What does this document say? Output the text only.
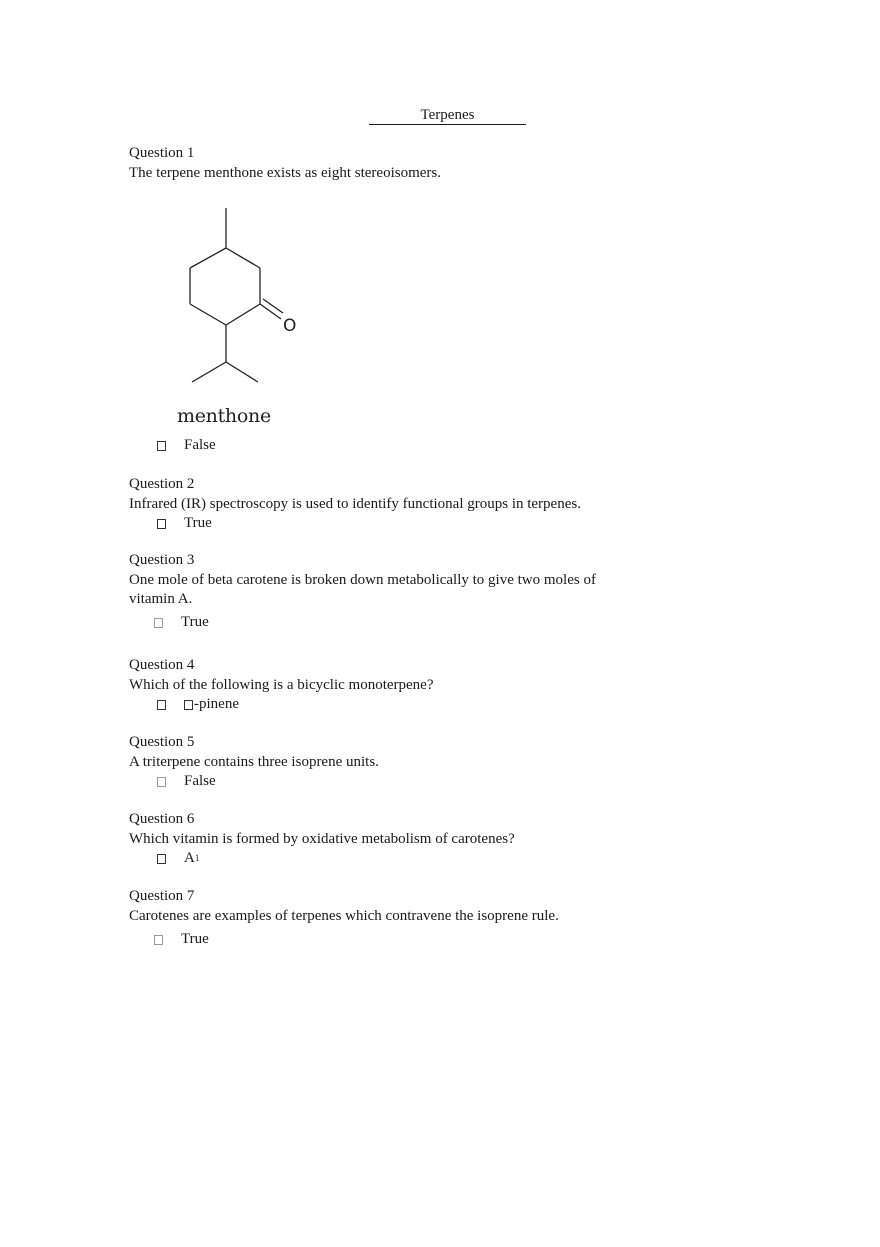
Terpenes
Question 1
The terpene menthone exists as eight stereoisomers.
O
menthone
False
Question 2
Infrared (IR) spectroscopy is used to identify functional groups in terpenes.
True
Question 3
One mole of beta carotene is broken down metabolically to give two moles of vitamin A.
True
Question 4
Which of the following is a bicyclic monoterpene?
-pinene
Question 5
A triterpene contains three isoprene units.
False
Question 6
Which vitamin is formed by oxidative metabolism of carotenes?
A 1
Question 7
Carotenes are examples of terpenes which contravene the isoprene rule.
True
